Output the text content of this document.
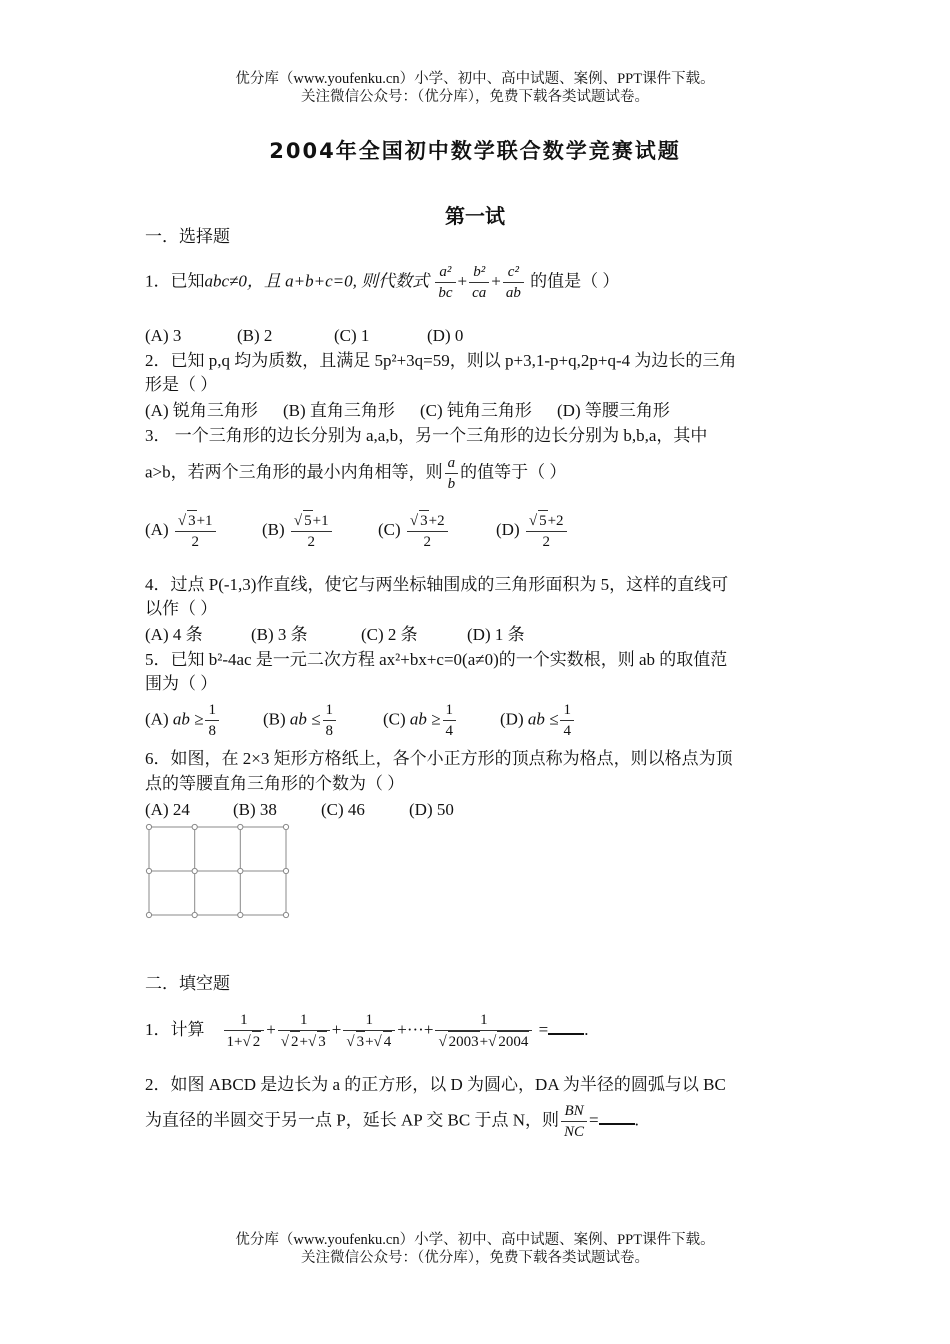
优分库（www.youfenku.cn）小学、初中、高中试题、案例、PPT课件下载。
关注微信公众号：（优分库），免费下载各类试题试卷。
2004年全国初中数学联合数学竞赛试题
第一试
一．选择题
1．已知abc≠0，且 a+b+c=0, 则代数式 $\frac{\text{a²}}{bc} + \frac{\text{b²}}{ca} + \frac{\text{c²}}{ab}$ 的值是（ ）
(A) 3	(B) 2	(C) 1	(D) 0
2．已知 p,q 均为质数，且满足 5p²+3q=59，则以 p+3,1-p+q,2p+q-4 为边长的三角
形是（ ）
(A) 锐角三角形 (B) 直角三角形 (C) 钝角三角形 (D) 等腰三角形
3． 一个三角形的边长分别为 a,a,b，另一个三角形的边长分别为 b,b,a，其中
a>b，若两个三角形的最小内角相等，则 $\frac{a}{b}$ 的值等于（ ）
$(A) \frac{√ 3+1}{2}$	$(B) \frac{√ 5+1}{2}$	$(C) \frac{√ 3+2}{2}$	$(D) \frac{√ 5+2}{2}$
4．过点 P(-1,3)作直线，使它与两坐标轴围成的三角形面积为 5，这样的直线可
以作（ ）
(A) 4 条	(B) 3 条	(C) 2 条	(D) 1 条
5．已知 b²-4ac 是一元二次方程 ax²+bx+c=0(a≠0)的一个实数根，则 ab 的取值范
围为（ ）
(A) ab ≥ $\frac{1}{8}$	(B) ab ≤ $\frac{1}{8}$	(C) ab ≥ $\frac{1}{4}$	(D) ab ≤ $\frac{1}{4}$
6．如图，在 2×3 矩形方格纸上，各个小正方形的顶点称为格点，则以格点为顶
点的等腰直角三角形的个数为（ ）
(A) 24	(B) 38	(C) 46	(D) 50
二．填空题
1．计算 $\frac{1}{1+√ 2} + \frac{1}{√ 2+√ 3} + \frac{1}{√ 3+√ 4}$ +···+ $\frac{1}{√ 2003+√ 2004}$ = .
2．如图 ABCD 是边长为 a 的正方形，以 D 为圆心，DA 为半径的圆弧与以 BC
为直径的半圆交于另一点 P，延长 AP 交 BC 于点 N，则 $\frac{BN}{NC}$ = .
优分库（www.youfenku.cn）小学、初中、高中试题、案例、PPT课件下载。
关注微信公众号：（优分库），免费下载各类试题试卷。
